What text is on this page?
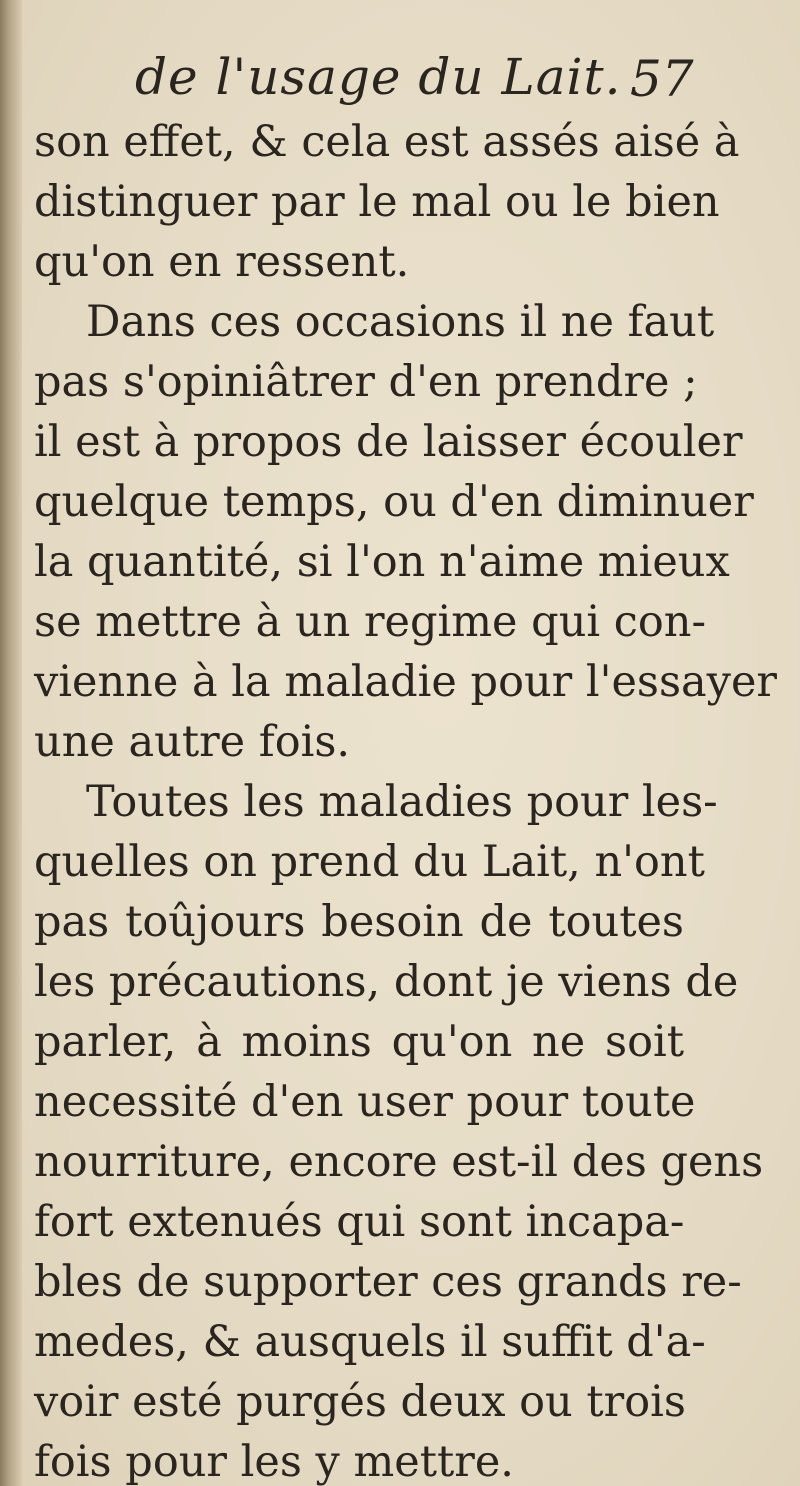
de l'usage du Lait. 57
son effet, & cela est assés aisé à
distinguer par le mal ou le bien
qu'on en ressent.
Dans ces occasions il ne faut
pas s'opiniâtrer d'en prendre ;
il est à propos de laisser écouler
quelque temps, ou d'en diminuer
la quantité, si l'on n'aime mieux
se mettre à un regime qui con-
vienne à la maladie pour l'essayer
une autre fois.
Toutes les maladies pour les-
quelles on prend du Lait, n'ont
pas toûjours besoin de toutes
les précautions, dont je viens de
parler, à moins qu'on ne soit
necessité d'en user pour toute
nourriture, encore est-il des gens
fort extenués qui sont incapa-
bles de supporter ces grands re-
medes, & ausquels il suffit d'a-
voir esté purgés deux ou trois
fois pour les y mettre.
